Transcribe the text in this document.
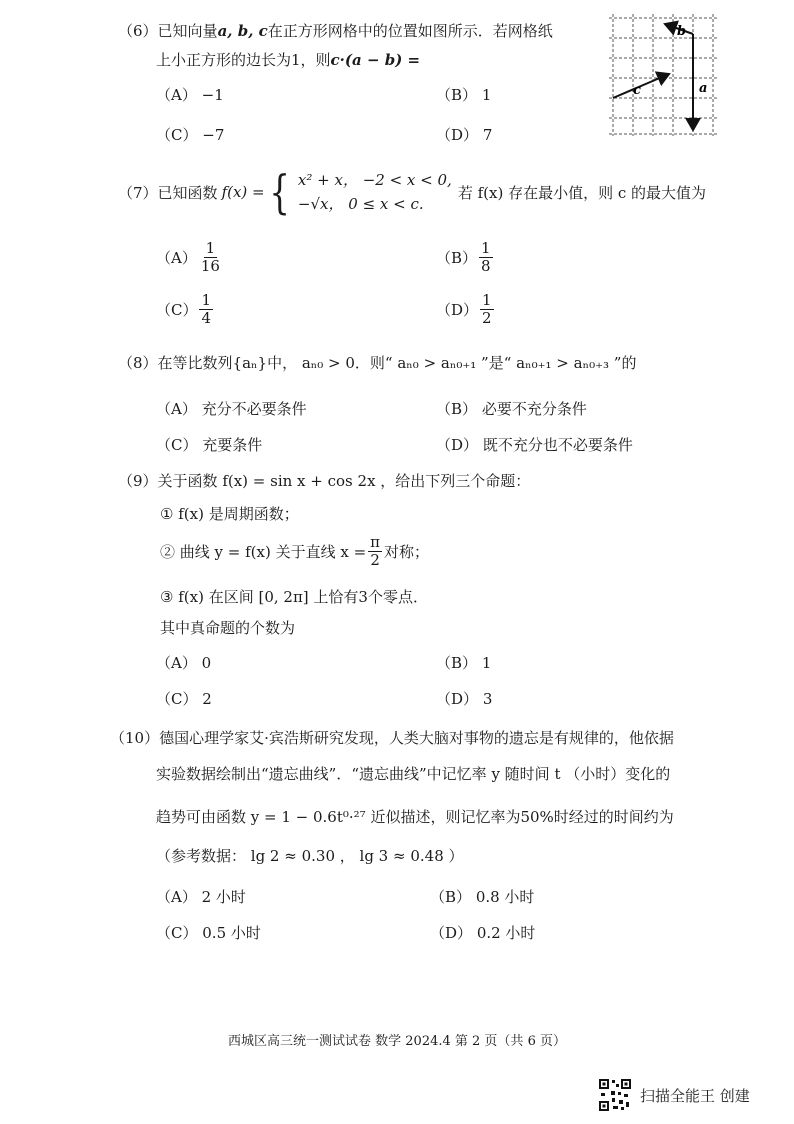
（6）已知向量a, b, c在正方形网格中的位置如图所示．若网格纸
上小正方形的边长为1，则c·(a − b) =
（A） −1	（B） 1
（C） −7	（D） 7
a
b
c
（7） 已知函数 f(x) = { x² + x， −2 < x < 0,
−√x， 0 ≤ x < c.
若 f(x) 存在最小值，则 c 的最大值为
$(A) \frac{1}{16}$	$(B) \frac{1}{8}$
$(C) \frac{1}{4}$	$(D) \frac{1}{2}$
（8）在等比数列{aₙ}中， aₙ₀ > 0．则“ aₙ₀ > aₙ₀₊₁ ”是“ aₙ₀₊₁ > aₙ₀₊₃ ”的
（A） 充分不必要条件	（B） 必要不充分条件
（C） 充要条件	（D） 既不充分也不必要条件
（9）关于函数 f(x) = sin x + cos 2x ，给出下列三个命题：
① f(x) 是周期函数；
② 曲线 y = f(x) 关于直线 $x = \frac{\pi}{2}$ 对称；
③ f(x) 在区间 [0, 2π] 上恰有3个零点．
其中真命题的个数为
（A） 0	（B） 1
（C） 2	（D） 3
（10）德国心理学家艾·宾浩斯研究发现，人类大脑对事物的遗忘是有规律的，他依据
实验数据绘制出“遗忘曲线”．“遗忘曲线”中记忆率 y 随时间 t （小时）变化的
趋势可由函数 y = 1 − 0.6t⁰·²⁷ 近似描述，则记忆率为50%时经过的时间约为
（参考数据： lg 2 ≈ 0.30 ， lg 3 ≈ 0.48 ）
（A） 2 小时	（B） 0.8 小时
（C） 0.5 小时	（D） 0.2 小时
西城区高三统一测试试卷 数学 2024.4 第 2 页（共 6 页）
扫描全能王 创建
